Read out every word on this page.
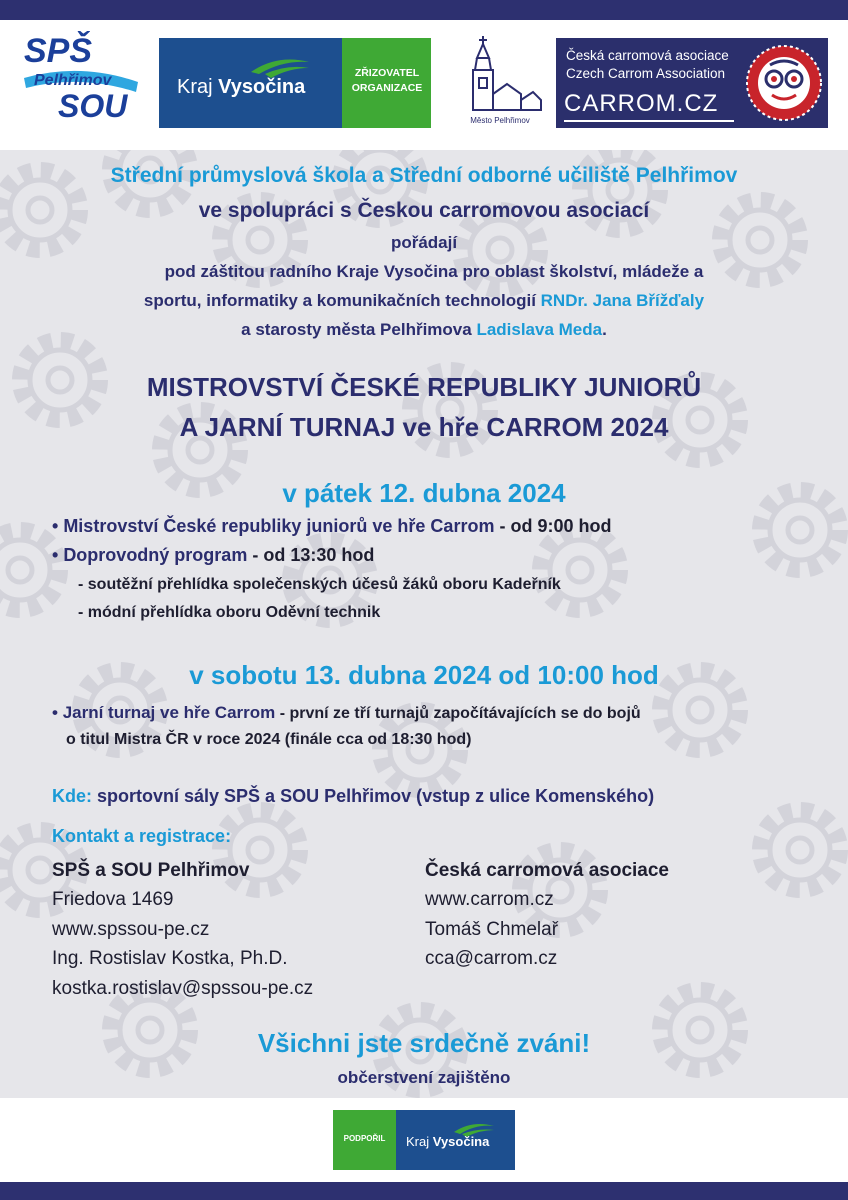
SPŠ
Pelhřimov
SOU
Kraj Vysočina
ZŘIZOVATEL
ORGANIZACE
Město Pelhřimov
Česká carromová asociace
Czech Carrom Association
CARROM.CZ
Střední průmyslová škola a Střední odborné učiliště Pelhřimov
ve spolupráci s Českou carromovou asociací
pořádají
pod záštitou radního Kraje Vysočina pro oblast školství, mládeže a
sportu, informatiky a komunikačních technologií RNDr. Jana Břížďaly
a starosty města Pelhřimova Ladislava Meda.
MISTROVSTVÍ ČESKÉ REPUBLIKY JUNIORŮ
A JARNÍ TURNAJ ve hře CARROM 2024
v pátek 12. dubna 2024
• Mistrovství České republiky juniorů ve hře Carrom - od 9:00 hod
• Doprovodný program - od 13:30 hod
- soutěžní přehlídka společenských účesů žáků oboru Kadeřník
- módní přehlídka oboru Oděvní technik
v sobotu 13. dubna 2024 od 10:00 hod
• Jarní turnaj ve hře Carrom - první ze tří turnajů započítávajících se do bojů
o titul Mistra ČR v roce 2024 (finále cca od 18:30 hod)
Kde: sportovní sály SPŠ a SOU Pelhřimov (vstup z ulice Komenského)
Kontakt a registrace:
SPŠ a SOU Pelhřimov
Friedova 1469
www.spssou-pe.cz
Ing. Rostislav Kostka, Ph.D.
kostka.rostislav@spssou-pe.cz
Česká carromová asociace
www.carrom.cz
Tomáš Chmelař
cca@carrom.cz
Všichni jste srdečně zváni!
občerstvení zajištěno
PODPOŘIL	Kraj Vysočina
